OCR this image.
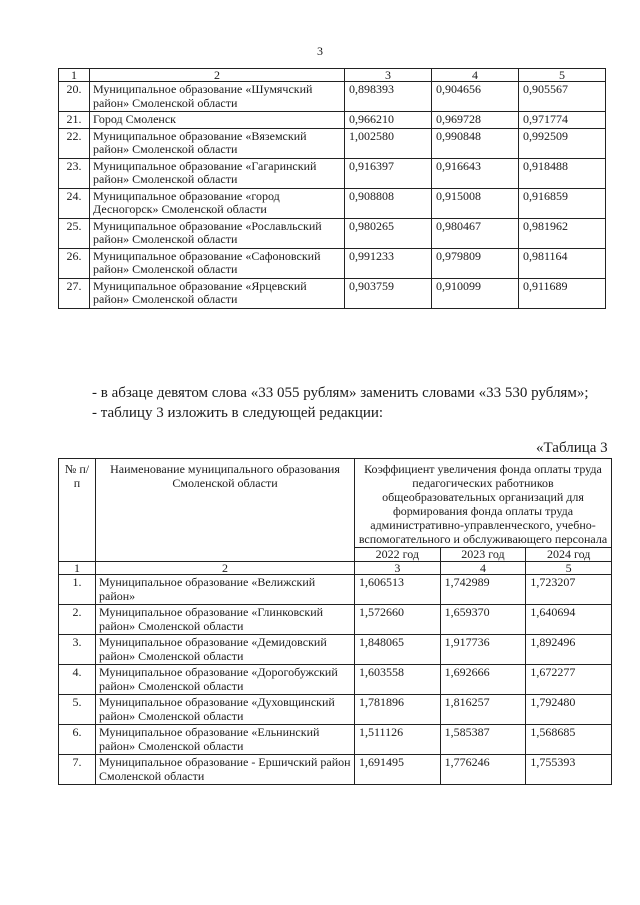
3
1	2	3	4	5
20.	Муниципальное образование «Шумячский район» Смоленской области	0,898393	0,904656	0,905567
21.	Город Смоленск	0,966210	0,969728	0,971774
22.	Муниципальное образование «Вяземский район» Смоленской области	1,002580	0,990848	0,992509
23.	Муниципальное образование «Гагаринский район» Смоленской области	0,916397	0,916643	0,918488
24.	Муниципальное образование «город Десногорск» Смоленской области	0,908808	0,915008	0,916859
25.	Муниципальное образование «Рославльский район» Смоленской области	0,980265	0,980467	0,981962
26.	Муниципальное образование «Сафоновский район» Смоленской области	0,991233	0,979809	0,981164
27.	Муниципальное образование «Ярцевский район» Смоленской области	0,903759	0,910099	0,911689
- в абзаце девятом слова «33 055 рублям» заменить словами «33 530 рублям»;
- таблицу 3 изложить в следующей редакции:
«Таблица 3
№ п/п	Наименование муниципального образования Смоленской области	Коэффициент увеличения фонда оплаты труда педагогических работников общеобразовательных организаций для формирования фонда оплаты труда административно-управленческого, учебно-вспомогательного и обслуживающего персонала		
		2022 год	2023 год	2024 год
1	2	3	4	5
1.	Муниципальное образование «Велижский район»	1,606513	1,742989	1,723207
2.	Муниципальное образование «Глинковский район» Смоленской области	1,572660	1,659370	1,640694
3.	Муниципальное образование «Демидовский район» Смоленской области	1,848065	1,917736	1,892496
4.	Муниципальное образование «Дорогобужский район» Смоленской области	1,603558	1,692666	1,672277
5.	Муниципальное образование «Духовщинский район» Смоленской области	1,781896	1,816257	1,792480
6.	Муниципальное образование «Ельнинский район» Смоленской области	1,511126	1,585387	1,568685
7.	Муниципальное образование - Ершичский район Смоленской области	1,691495	1,776246	1,755393
